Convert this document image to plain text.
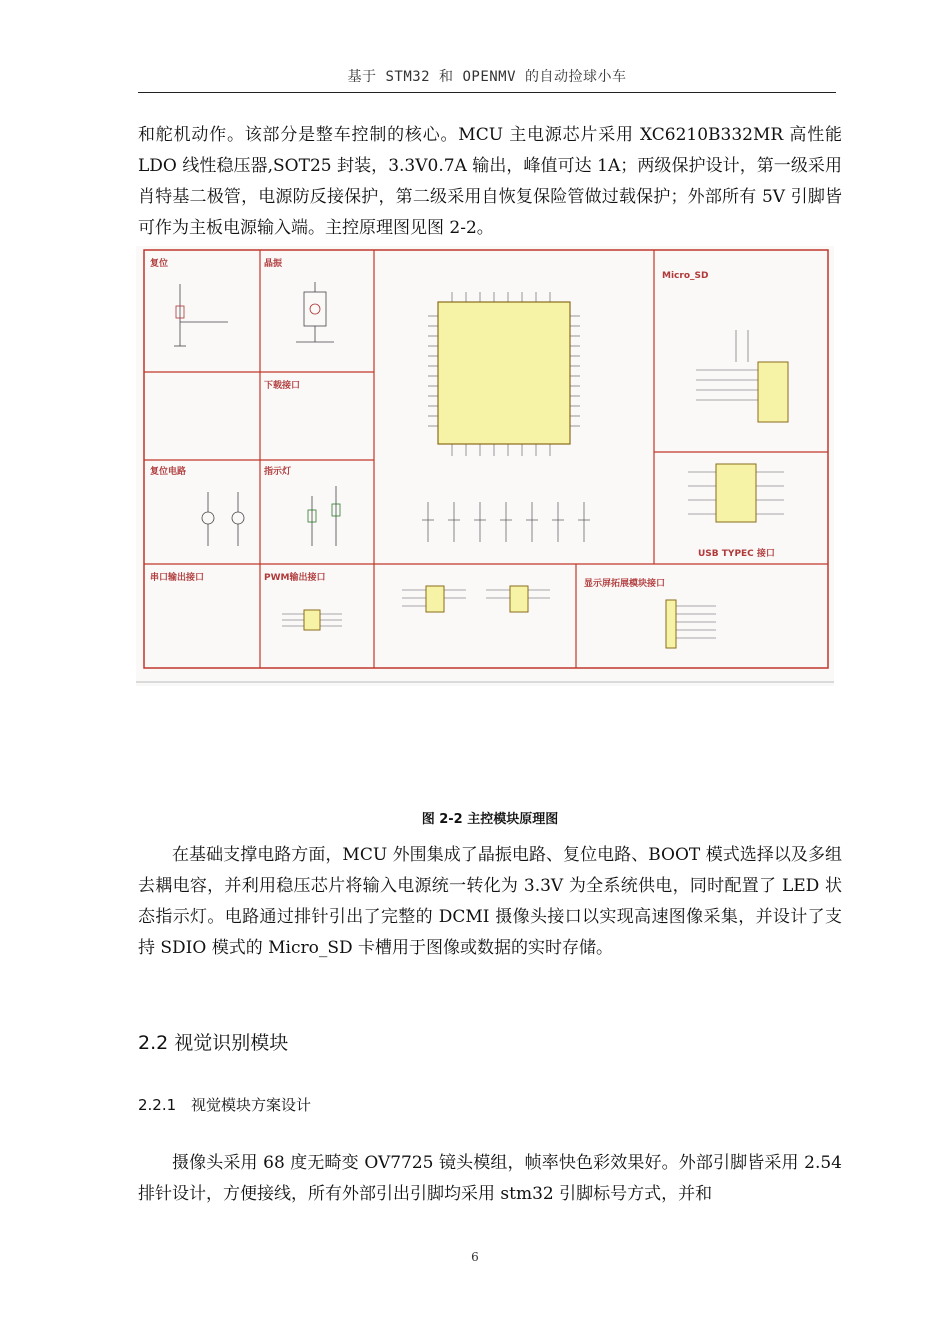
基于 STM32 和 OPENMV 的自动捡球小车

和舵机动作。该部分是整车控制的核心。MCU 主电源芯片采用 XC6210B332MR 高性能 LDO 线性稳压器,SOT25 封装，3.3V0.7A 输出，峰值可达 1A；两级保护设计，第一级采用肖特基二极管，电源防反接保护，第二级采用自恢复保险管做过载保护；外部所有 5V 引脚皆可作为主板电源输入端。主控原理图见图 2-2。

复位	晶振
下载接口
复位电路	指示灯
Micro_SD
USB TYPEC 接口
串口输出接口	PWM输出接口
显示屏拓展模块接口
图 2-2 主控模块原理图

在基础支撑电路方面，MCU 外围集成了晶振电路、复位电路、BOOT 模式选择以及多组去耦电容，并利用稳压芯片将输入电源统一转化为 3.3V 为全系统供电，同时配置了 LED 状态指示灯。电路通过排针引出了完整的 DCMI 摄像头接口以实现高速图像采集，并设计了支持 SDIO 模式的 Micro_SD 卡槽用于图像或数据的实时存储。

2.2 视觉识别模块
2.2.1 视觉模块方案设计

摄像头采用 68 度无畸变 OV7725 镜头模组，帧率快色彩效果好。外部引脚皆采用 2.54 排针设计，方便接线，所有外部引出引脚均采用 stm32 引脚标号方式，并和

6
